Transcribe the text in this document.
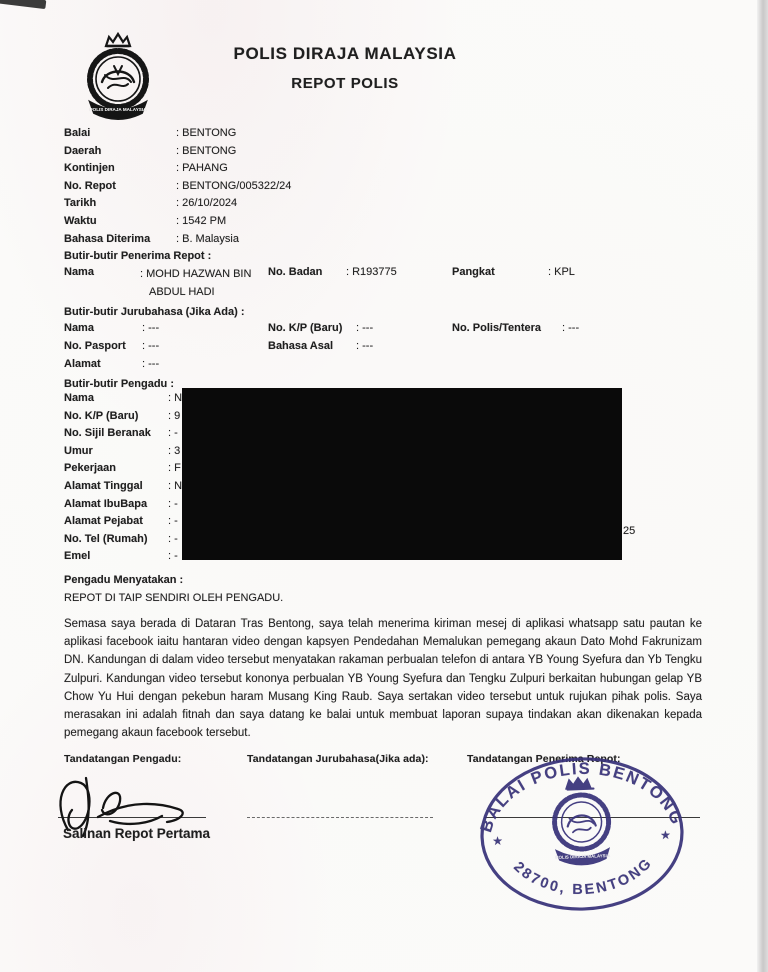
POLIS DIRAJA MALAYSIA
POLIS DIRAJA MALAYSIA
REPOT POLIS
Balai	: BENTONG
Daerah	: BENTONG
Kontinjen	: PAHANG
No. Repot	: BENTONG/005322/24
Tarikh	: 26/10/2024
Waktu	: 1542 PM
Bahasa Diterima	: B. Malaysia
Butir-butir Penerima Repot :
Nama	: MOHD HAZWAN BIN ABDUL HADI
No. Badan : R193775	Pangkat	: KPL
Butir-butir Jurubahasa (Jika Ada) :
Nama	: ---	No. K/P (Baru) : ---	No. Polis/Tentera : ---
No. Pasport : ---	Bahasa Asal : ---
Alamat	: ---
Butir-butir Pengadu :
Nama	: N
No. K/P (Baru)	: 9
No. Sijil Beranak	: -
Umur	: 3
Pekerjaan	: F
Alamat Tinggal	: N
Alamat IbuBapa	: -
Alamat Pejabat	: -
No. Tel (Rumah)	: -
Emel	: -
25
Pengadu Menyatakan :
REPOT DI TAIP SENDIRI OLEH PENGADU.
Semasa saya berada di Dataran Tras Bentong, saya telah menerima kiriman mesej di aplikasi whatsapp satu pautan ke aplikasi facebook iaitu hantaran video dengan kapsyen Pendedahan Memalukan pemegang akaun Dato Mohd Fakrunizam DN. Kandungan di dalam video tersebut menyatakan rakaman perbualan telefon di antara YB Young Syefura dan Yb Tengku Zulpuri. Kandungan video tersebut kononya perbualan YB Young Syefura dan Tengku Zulpuri berkaitan hubungan gelap YB Chow Yu Hui dengan pekebun haram Musang King Raub. Saya sertakan video tersebut untuk rujukan pihak polis. Saya merasakan ini adalah fitnah dan saya datang ke balai untuk membuat laporan supaya tindakan akan dikenakan kepada pemegang akaun facebook tersebut.
Tandatangan Pengadu:	Tandatangan Jurubahasa(Jika ada):	Tandatangan Penerima Repot:
Salinan Repot Pertama	BALAI POLIS BENTONG
28700, BENTONG
★	★
POLIS DIRAJA MALAYSIA
